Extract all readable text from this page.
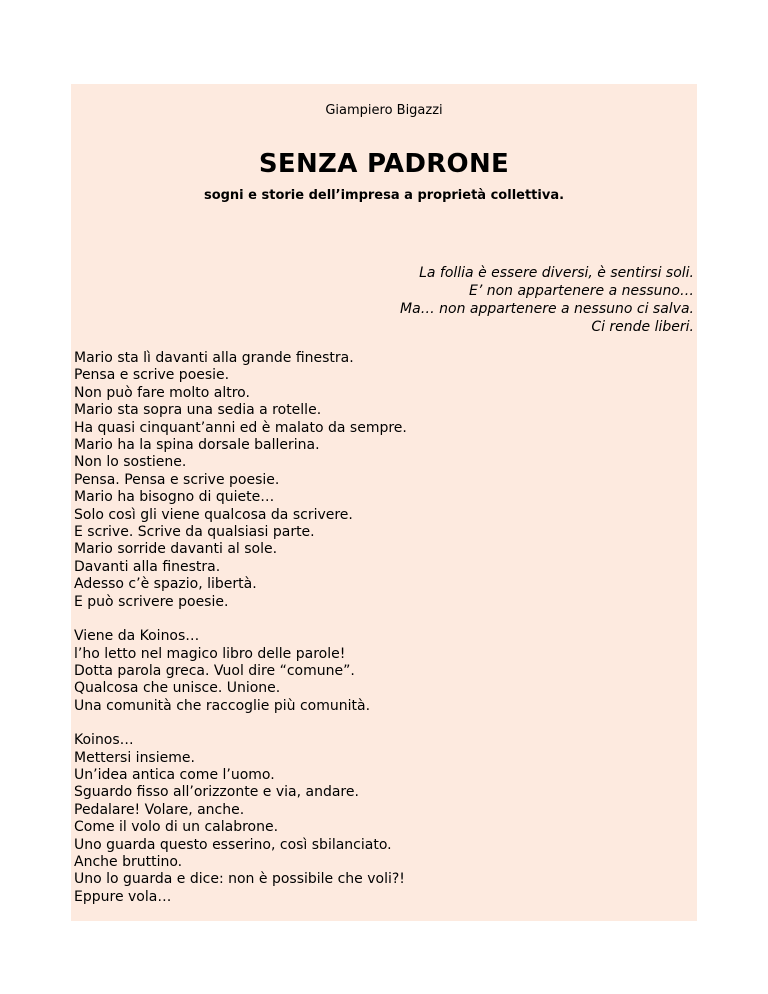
Giampiero Bigazzi
SENZA PADRONE
sogni e storie dell’impresa a proprietà collettiva.
La follia è essere diversi, è sentirsi soli.
E’ non appartenere a nessuno…
Ma… non appartenere a nessuno ci salva.
Ci rende liberi.
Mario sta lì davanti alla grande finestra.
Pensa e scrive poesie.
Non può fare molto altro.
Mario sta sopra una sedia a rotelle.
Ha quasi cinquant’anni ed è malato da sempre.
Mario ha la spina dorsale ballerina.
Non lo sostiene.
Pensa. Pensa e scrive poesie.
Mario ha bisogno di quiete…
Solo così gli viene qualcosa da scrivere.
E scrive. Scrive da qualsiasi parte.
Mario sorride davanti al sole.
Davanti alla finestra.
Adesso c’è spazio, libertà.
E può scrivere poesie.
Viene da Koinos…
l’ho letto nel magico libro delle parole!
Dotta parola greca. Vuol dire “comune”.
Qualcosa che unisce. Unione.
Una comunità che raccoglie più comunità.
Koinos…
Mettersi insieme.
Un’idea antica come l’uomo.
Sguardo fisso all’orizzonte e via, andare.
Pedalare! Volare, anche.
Come il volo di un calabrone.
Uno guarda questo esserino, così sbilanciato.
Anche bruttino.
Uno lo guarda e dice: non è possibile che voli?!
Eppure vola…
